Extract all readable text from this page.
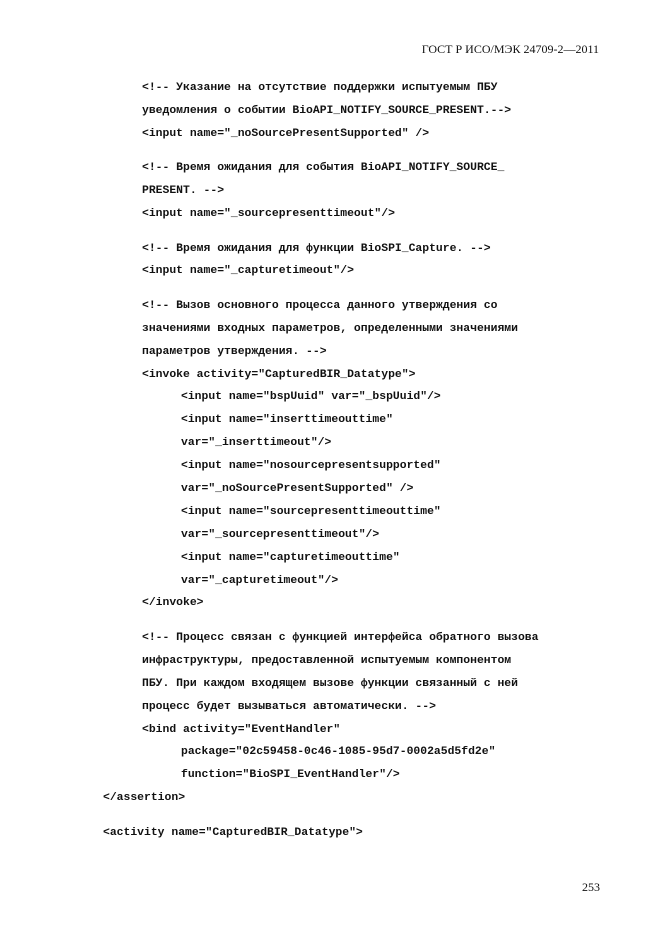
ГОСТ Р ИСО/МЭК 24709-2—2011
<!-- Указание на отсутствие поддержки испытуемым ПБУ
уведомления о событии BioAPI_NOTIFY_SOURCE_PRESENT.-->
<input name="_noSourcePresentSupported" />
<!-- Время ожидания для события BioAPI_NOTIFY_SOURCE_
PRESENT. -->
<input name="_sourcepresenttimeout"/>
<!-- Время ожидания для функции BioSPI_Capture. -->
<input name="_capturetimeout"/>
<!-- Вызов основного процесса данного утверждения со
значениями входных параметров, определенными значениями
параметров утверждения. -->
<invoke activity="CapturedBIR_Datatype">
<input name="bspUuid" var="_bspUuid"/>
<input name="inserttimeouttime"
var="_inserttimeout"/>
<input name="nosourcepresentsupported"
var="_noSourcePresentSupported" />
<input name="sourcepresenttimeouttime"
var="_sourcepresenttimeout"/>
<input name="capturetimeouttime"
var="_capturetimeout"/>
</invoke>
<!-- Процесс связан с функцией интерфейса обратного вызова
инфраструктуры, предоставленной испытуемым компонентом
ПБУ. При каждом входящем вызове функции связанный с ней
процесс будет вызываться автоматически. -->
<bind activity="EventHandler"
package="02c59458-0c46-1085-95d7-0002a5d5fd2e"
function="BioSPI_EventHandler"/>
</assertion>
<activity name="CapturedBIR_Datatype">
253
